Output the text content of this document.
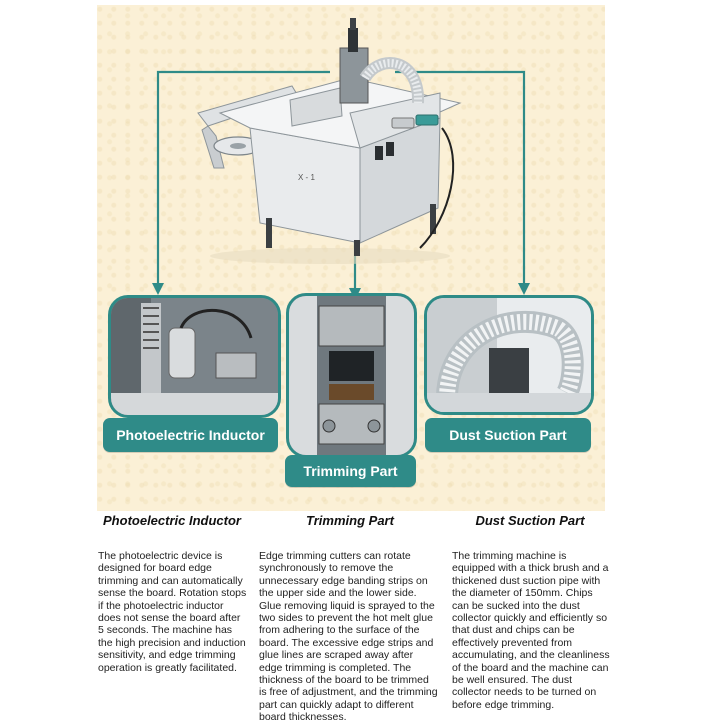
X - 1
Photoelectric Inductor
Trimming Part
Dust Suction Part
Photoelectric Inductor	Trimming Part	Dust Suction Part
The photoelectric device is designed for board edge trimming and can automatically sense the board. Rotation stops if the photoelectric inductor does not sense the board after 5 seconds. The machine has the high precision and induction sensitivity, and edge trimming operation is greatly facilitated.
Edge trimming cutters can rotate synchronously to remove the unnecessary edge banding strips on the upper side and the lower side. Glue removing liquid is sprayed to the two sides to prevent the hot melt glue from adhering to the surface of the board. The excessive edge strips and glue lines are scraped away after edge trimming is completed. The thickness of the board to be trimmed is free of adjustment, and the trimming part can quickly adapt to different board thicknesses.
The trimming machine is equipped with a thick brush and a thickened dust suction pipe with the diameter of 150mm. Chips can be sucked into the dust collector quickly and efficiently so that dust and chips can be effectively prevented from accumulating, and the cleanliness of the board and the machine can be well ensured. The dust collector needs to be turned on before edge trimming.
